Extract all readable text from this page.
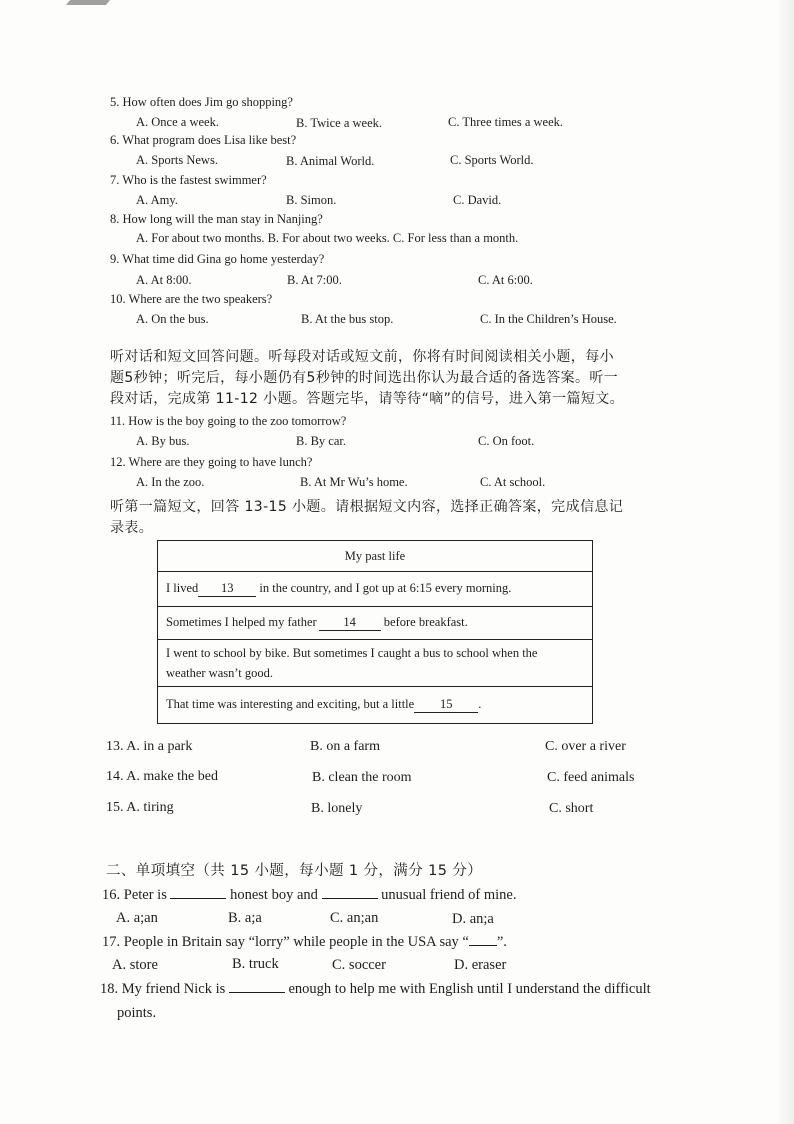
5. How often does Jim go shopping?
A. Once a week.	B. Twice a week.	C. Three times a week.
6. What program does Lisa like best?
A. Sports News.	B. Animal World.	C. Sports World.
7. Who is the fastest swimmer?
A. Amy.	B. Simon.	C. David.
8. How long will the man stay in Nanjing?
A. For about two months. B. For about two weeks. C. For less than a month.
9. What time did Gina go home yesterday?
A. At 8:00.	B. At 7:00.	C. At 6:00.
10. Where are the two speakers?
A. On the bus.	B. At the bus stop.	C. In the Children’s House.
听对话和短文回答问题。听每段对话或短文前，你将有时间阅读相关小题，每小
题5秒钟；听完后，每小题仍有5秒钟的时间选出你认为最合适的备选答案。听一
段对话，完成第 11-12 小题。答题完毕，请等待“嘀”的信号，进入第一篇短文。
11. How is the boy going to the zoo tomorrow?
A. By bus.	B. By car.	C. On foot.
12. Where are they going to have lunch?
A. In the zoo.	B. At Mr Wu’s home.	C. At school.
听第一篇短文，回答 13-15 小题。请根据短文内容，选择正确答案，完成信息记
录表。
My past life
I lived 13 in the country, and I got up at 6:15 every morning.
Sometimes I helped my father 14 before breakfast.
I went to school by bike. But sometimes I caught a bus to school when the
weather wasn’t good.
That time was interesting and exciting, but a little 15 .
13. A. in a park	B. on a farm	C. over a river
14. A. make the bed	B. clean the room	C. feed animals
15. A. tiring	B. lonely	C. short
二、单项填空（共 15 小题，每小题 1 分，满分 15 分）
16. Peter is	honest boy and	unusual friend of mine.
A. a;an	B. a;a	C. an;an	D. an;a
17. People in Britain say “lorry” while people in the USA say “ ”.
A. store	B. truck	C. soccer	D. eraser
18. My friend Nick is	enough to help me with English until I understand the difficult
points.
